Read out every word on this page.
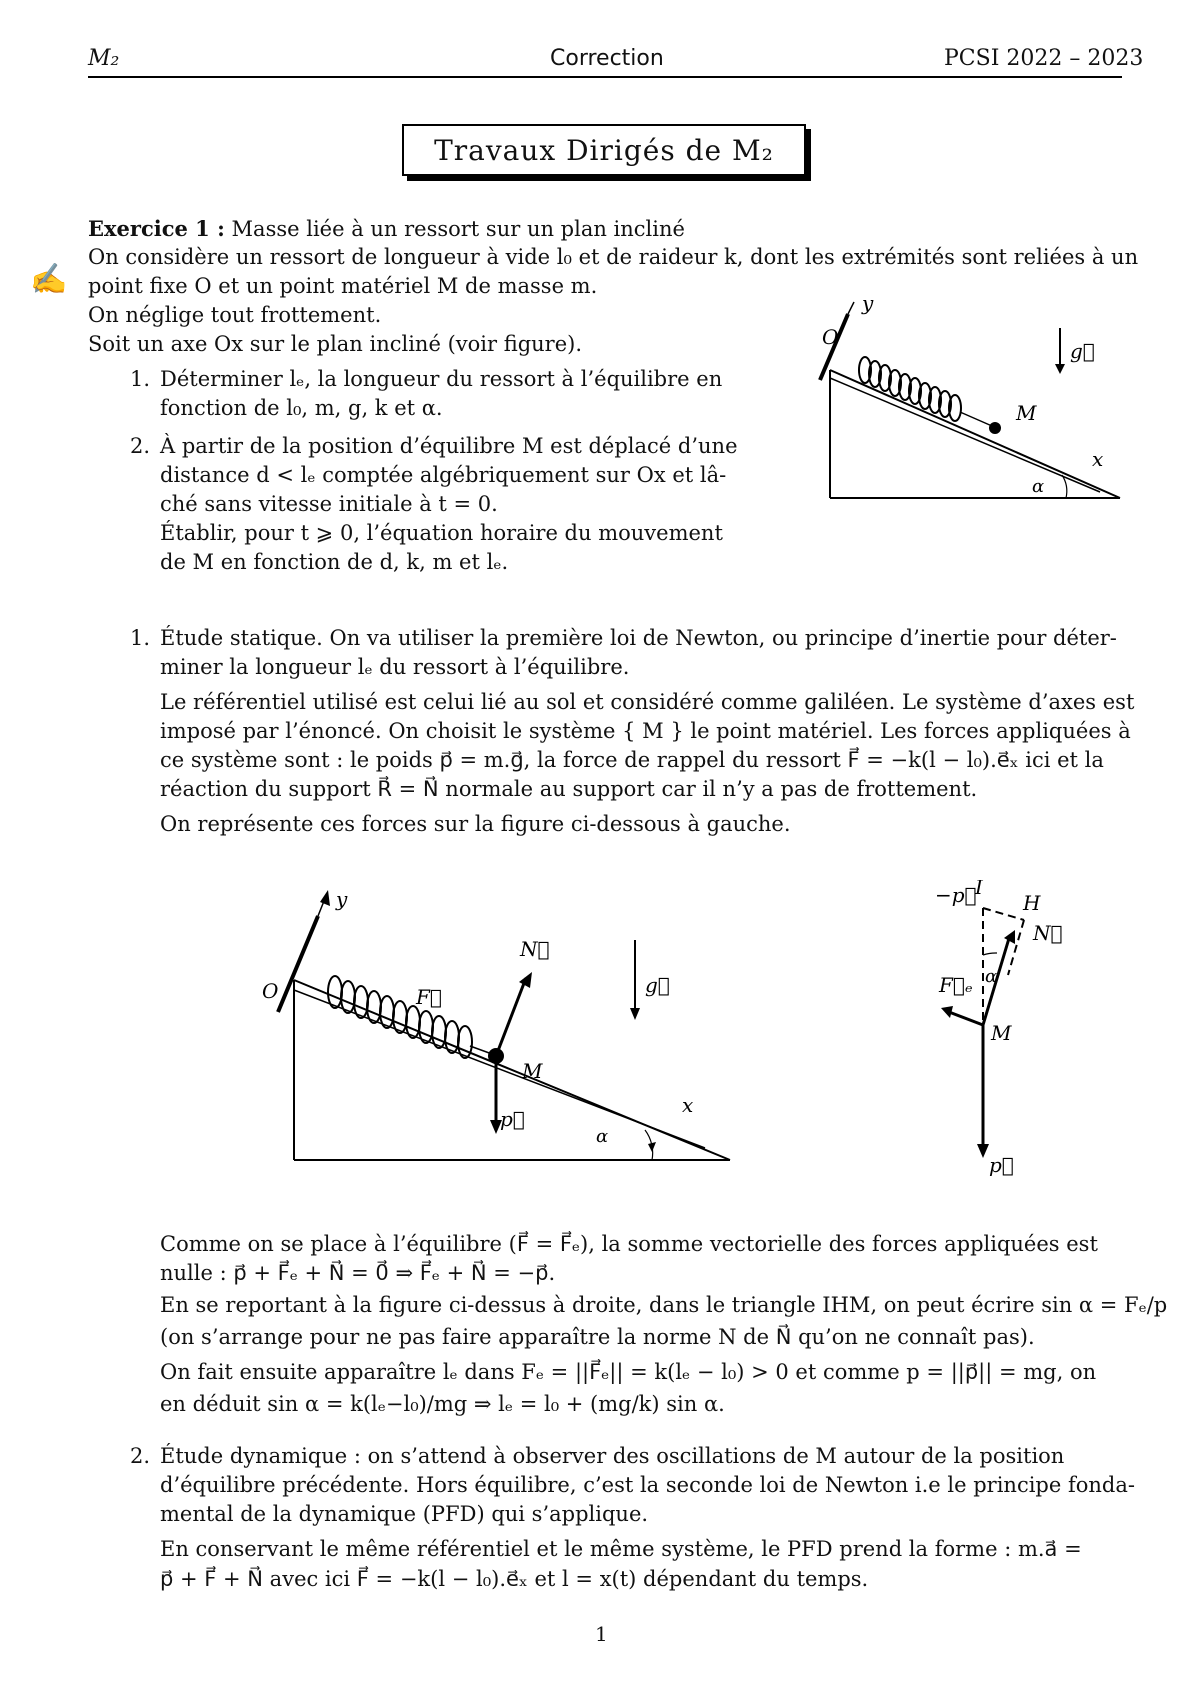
M₂	Correction	PCSI 2022 – 2023
Travaux Dirigés de M₂
✍
Exercice 1 : Masse liée à un ressort sur un plan incliné
On considère un ressort de longueur à vide l₀ et de raideur k, dont les extrémités sont reliées à un
point fixe O et un point matériel M de masse m.
On néglige tout frottement.
Soit un axe Ox sur le plan incliné (voir figure).
1. Déterminer lₑ, la longueur du ressort à l’équilibre en
fonction de l₀, m, g, k et α.
2. À partir de la position d’équilibre M est déplacé d’une
distance d < lₑ comptée algébriquement sur Ox et lâ-
ché sans vitesse initiale à t = 0.
Établir, pour t ⩾ 0, l’équation horaire du mouvement
de M en fonction de d, k, m et lₑ.
O
y
g⃗
M
x
α
1. Étude statique. On va utiliser la première loi de Newton, ou principe d’inertie pour déter-
miner la longueur lₑ du ressort à l’équilibre.
Le référentiel utilisé est celui lié au sol et considéré comme galiléen. Le système d’axes est
imposé par l’énoncé. On choisit le système { M } le point matériel. Les forces appliquées à
ce système sont : le poids p⃗ = m.g⃗, la force de rappel du ressort F⃗ = −k(l − l₀).e⃗ₓ ici et la
réaction du support R⃗ = N⃗ normale au support car il n’y a pas de frottement.
On représente ces forces sur la figure ci-dessous à gauche.
O
y
F⃗
N⃗
g⃗
M
x
p⃗
α
−p⃗
I
H
N⃗
α
F⃗ₑ
M
p⃗
Comme on se place à l’équilibre (F⃗ = F⃗ₑ), la somme vectorielle des forces appliquées est
nulle : p⃗ + F⃗ₑ + N⃗ = 0⃗ ⇒ F⃗ₑ + N⃗ = −p⃗.
En se reportant à la figure ci-dessus à droite, dans le triangle IHM, on peut écrire sin α = Fₑ/p
(on s’arrange pour ne pas faire apparaître la norme N de N⃗ qu’on ne connaît pas).
On fait ensuite apparaître lₑ dans Fₑ = ||F⃗ₑ|| = k(lₑ − l₀) > 0 et comme p = ||p⃗|| = mg, on
en déduit sin α = k(lₑ−l₀)/mg ⇒ lₑ = l₀ + (mg/k) sin α.
2. Étude dynamique : on s’attend à observer des oscillations de M autour de la position
d’équilibre précédente. Hors équilibre, c’est la seconde loi de Newton i.e le principe fonda-
mental de la dynamique (PFD) qui s’applique.
En conservant le même référentiel et le même système, le PFD prend la forme : m.a⃗ =
p⃗ + F⃗ + N⃗ avec ici F⃗ = −k(l − l₀).e⃗ₓ et l = x(t) dépendant du temps.
1
